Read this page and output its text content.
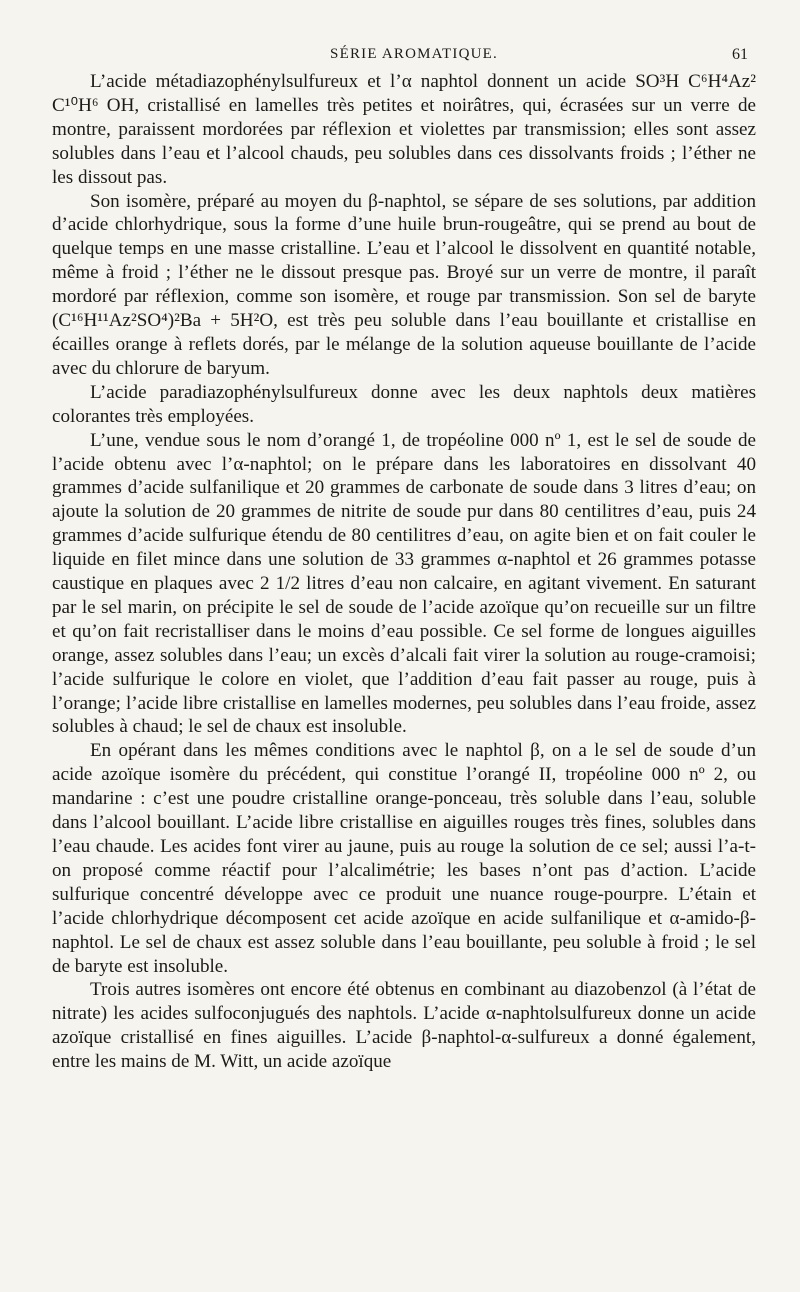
SÉRIE AROMATIQUE.	61

L’acide métadiazophénylsulfureux et l’α naphtol donnent un acide SO³H C⁶H⁴Az² C¹⁰H⁶ OH, cristallisé en lamelles très petites et noirâtres, qui, écrasées sur un verre de montre, paraissent mordorées par réflexion et violettes par transmission; elles sont assez solubles dans l’eau et l’alcool chauds, peu solubles dans ces dissolvants froids ; l’éther ne les dissout pas.

Son isomère, préparé au moyen du β-naphtol, se sépare de ses solutions, par addition d’acide chlorhydrique, sous la forme d’une huile brun-rougeâtre, qui se prend au bout de quelque temps en une masse cristalline. L’eau et l’alcool le dissolvent en quantité notable, même à froid ; l’éther ne le dissout presque pas. Broyé sur un verre de montre, il paraît mordoré par réflexion, comme son isomère, et rouge par transmission. Son sel de baryte (C¹⁶H¹¹Az²SO⁴)²Ba + 5H²O, est très peu soluble dans l’eau bouillante et cristallise en écailles orange à reflets dorés, par le mélange de la solution aqueuse bouillante de l’acide avec du chlorure de baryum.

L’acide paradiazophénylsulfureux donne avec les deux naphtols deux matières colorantes très employées.

L’une, vendue sous le nom d’orangé 1, de tropéoline 000 nº 1, est le sel de soude de l’acide obtenu avec l’α-naphtol; on le prépare dans les laboratoires en dissolvant 40 grammes d’acide sulfanilique et 20 grammes de carbonate de soude dans 3 litres d’eau; on ajoute la solution de 20 grammes de nitrite de soude pur dans 80 centilitres d’eau, puis 24 grammes d’acide sulfurique étendu de 80 centilitres d’eau, on agite bien et on fait couler le liquide en filet mince dans une solution de 33 grammes α-naphtol et 26 grammes potasse caustique en plaques avec 2 1/2 litres d’eau non calcaire, en agitant vivement. En saturant par le sel marin, on précipite le sel de soude de l’acide azoïque qu’on recueille sur un filtre et qu’on fait recristalliser dans le moins d’eau possible. Ce sel forme de longues aiguilles orange, assez solubles dans l’eau; un excès d’alcali fait virer la solution au rouge-cramoisi; l’acide sulfurique le colore en violet, que l’addition d’eau fait passer au rouge, puis à l’orange; l’acide libre cristallise en lamelles modernes, peu solubles dans l’eau froide, assez solubles à chaud; le sel de chaux est insoluble.

En opérant dans les mêmes conditions avec le naphtol β, on a le sel de soude d’un acide azoïque isomère du précédent, qui constitue l’orangé II, tropéoline 000 nº 2, ou mandarine : c’est une poudre cristalline orange-ponceau, très soluble dans l’eau, soluble dans l’alcool bouillant. L’acide libre cristallise en aiguilles rouges très fines, solubles dans l’eau chaude. Les acides font virer au jaune, puis au rouge la solution de ce sel; aussi l’a-t-on proposé comme réactif pour l’alcalimétrie; les bases n’ont pas d’action. L’acide sulfurique concentré développe avec ce produit une nuance rouge-pourpre. L’étain et l’acide chlorhydrique décomposent cet acide azoïque en acide sulfanilique et α-amido-β-naphtol. Le sel de chaux est assez soluble dans l’eau bouillante, peu soluble à froid ; le sel de baryte est insoluble.

Trois autres isomères ont encore été obtenus en combinant au diazobenzol (à l’état de nitrate) les acides sulfoconjugués des naphtols. L’acide α-naphtolsulfureux donne un acide azoïque cristallisé en fines aiguilles. L’acide β-naphtol-α-sulfureux a donné également, entre les mains de M. Witt, un acide azoïque
